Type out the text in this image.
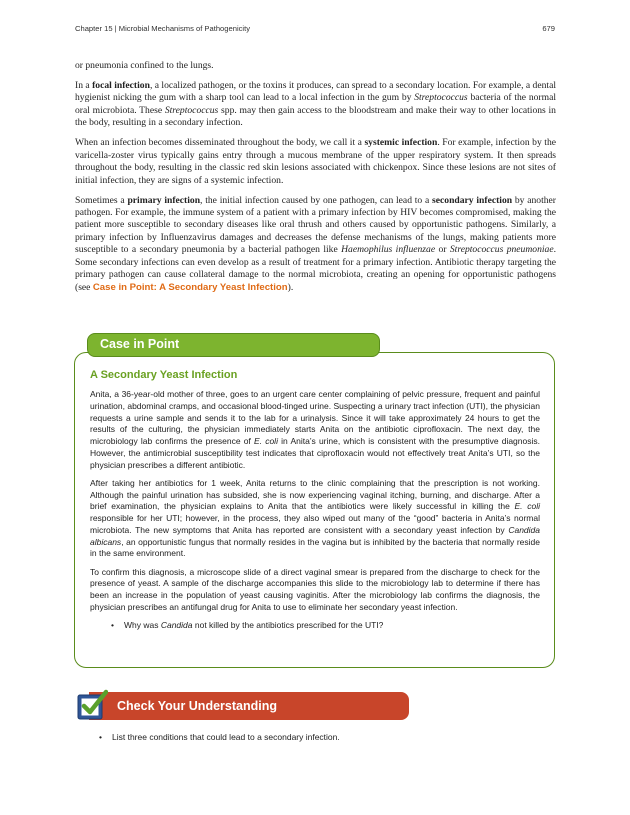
Chapter 15 | Microbial Mechanisms of Pathogenicity	679

or pneumonia confined to the lungs.

In a focal infection, a localized pathogen, or the toxins it produces, can spread to a secondary location. For example, a dental hygienist nicking the gum with a sharp tool can lead to a local infection in the gum by Streptococcus bacteria of the normal oral microbiota. These Streptococcus spp. may then gain access to the bloodstream and make their way to other locations in the body, resulting in a secondary infection.

When an infection becomes disseminated throughout the body, we call it a systemic infection. For example, infection by the varicella-zoster virus typically gains entry through a mucous membrane of the upper respiratory system. It then spreads throughout the body, resulting in the classic red skin lesions associated with chickenpox. Since these lesions are not sites of initial infection, they are signs of a systemic infection.

Sometimes a primary infection, the initial infection caused by one pathogen, can lead to a secondary infection by another pathogen. For example, the immune system of a patient with a primary infection by HIV becomes compromised, making the patient more susceptible to secondary diseases like oral thrush and others caused by opportunistic pathogens. Similarly, a primary infection by Influenzavirus damages and decreases the defense mechanisms of the lungs, making patients more susceptible to a secondary pneumonia by a bacterial pathogen like Haemophilus influenzae or Streptococcus pneumoniae. Some secondary infections can even develop as a result of treatment for a primary infection. Antibiotic therapy targeting the primary pathogen can cause collateral damage to the normal microbiota, creating an opening for opportunistic pathogens (see Case in Point: A Secondary Yeast Infection).

Case in Point
A Secondary Yeast Infection

Anita, a 36-year-old mother of three, goes to an urgent care center complaining of pelvic pressure, frequent and painful urination, abdominal cramps, and occasional blood-tinged urine. Suspecting a urinary tract infection (UTI), the physician requests a urine sample and sends it to the lab for a urinalysis. Since it will take approximately 24 hours to get the results of the culturing, the physician immediately starts Anita on the antibiotic ciprofloxacin. The next day, the microbiology lab confirms the presence of E. coli in Anita’s urine, which is consistent with the presumptive diagnosis. However, the antimicrobial susceptibility test indicates that ciprofloxacin would not effectively treat Anita’s UTI, so the physician prescribes a different antibiotic.

After taking her antibiotics for 1 week, Anita returns to the clinic complaining that the prescription is not working. Although the painful urination has subsided, she is now experiencing vaginal itching, burning, and discharge. After a brief examination, the physician explains to Anita that the antibiotics were likely successful in killing the E. coli responsible for her UTI; however, in the process, they also wiped out many of the “good” bacteria in Anita’s normal microbiota. The new symptoms that Anita has reported are consistent with a secondary yeast infection by Candida albicans, an opportunistic fungus that normally resides in the vagina but is inhibited by the bacteria that normally reside in the same environment.

To confirm this diagnosis, a microscope slide of a direct vaginal smear is prepared from the discharge to check for the presence of yeast. A sample of the discharge accompanies this slide to the microbiology lab to determine if there has been an increase in the population of yeast causing vaginitis. After the microbiology lab confirms the diagnosis, the physician prescribes an antifungal drug for Anita to use to eliminate her secondary yeast infection.

• Why was Candida not killed by the antibiotics prescribed for the UTI?
Check Your Understanding
• List three conditions that could lead to a secondary infection.
